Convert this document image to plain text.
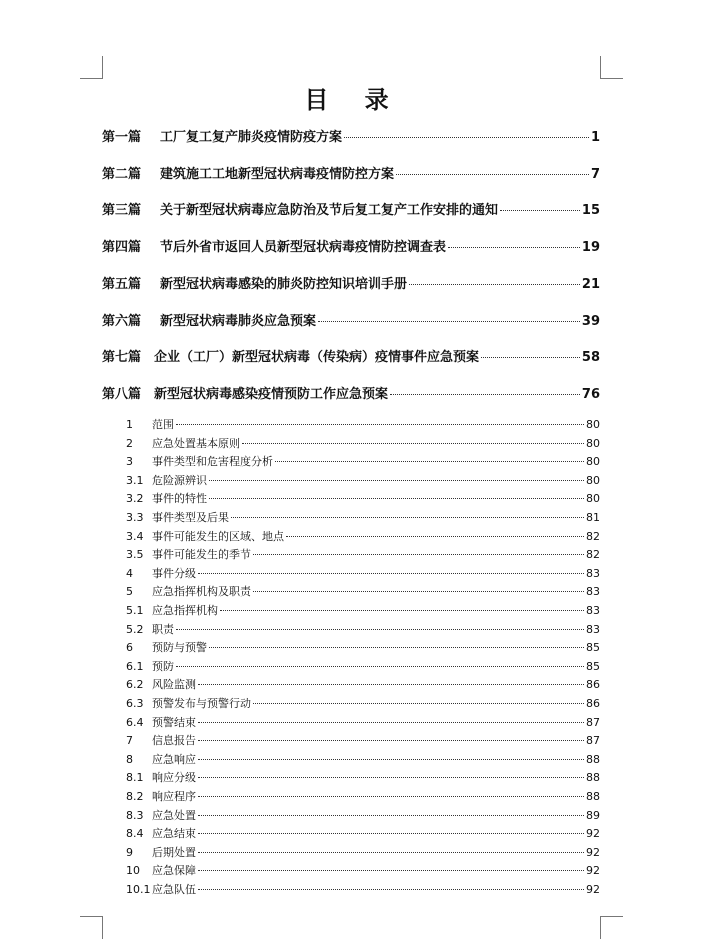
目 录
第一篇	工厂复工复产肺炎疫情防疫方案	1
第二篇	建筑施工工地新型冠状病毒疫情防控方案	7
第三篇	关于新型冠状病毒应急防治及节后复工复产工作安排的通知	15
第四篇	节后外省市返回人员新型冠状病毒疫情防控调查表	19
第五篇	新型冠状病毒感染的肺炎防控知识培训手册	21
第六篇	新型冠状病毒肺炎应急预案	39
第七篇 企业（工厂）新型冠状病毒（传染病）疫情事件应急预案	58
第八篇 新型冠状病毒感染疫情预防工作应急预案	76
1	范围	80
2	应急处置基本原则	80
3	事件类型和危害程度分析	80
3.1 危险源辨识	80
3.2 事件的特性	80
3.3 事件类型及后果	81
3.4 事件可能发生的区域、地点	82
3.5 事件可能发生的季节	82
4	事件分级	83
5	应急指挥机构及职责	83
5.1 应急指挥机构	83
5.2 职责	83
6	预防与预警	85
6.1 预防	85
6.2 风险监测	86
6.3 预警发布与预警行动	86
6.4 预警结束	87
7	信息报告	87
8	应急响应	88
8.1 响应分级	88
8.2 响应程序	88
8.3 应急处置	89
8.4 应急结束	92
9	后期处置	92
10	应急保障	92
10.1 应急队伍	92
